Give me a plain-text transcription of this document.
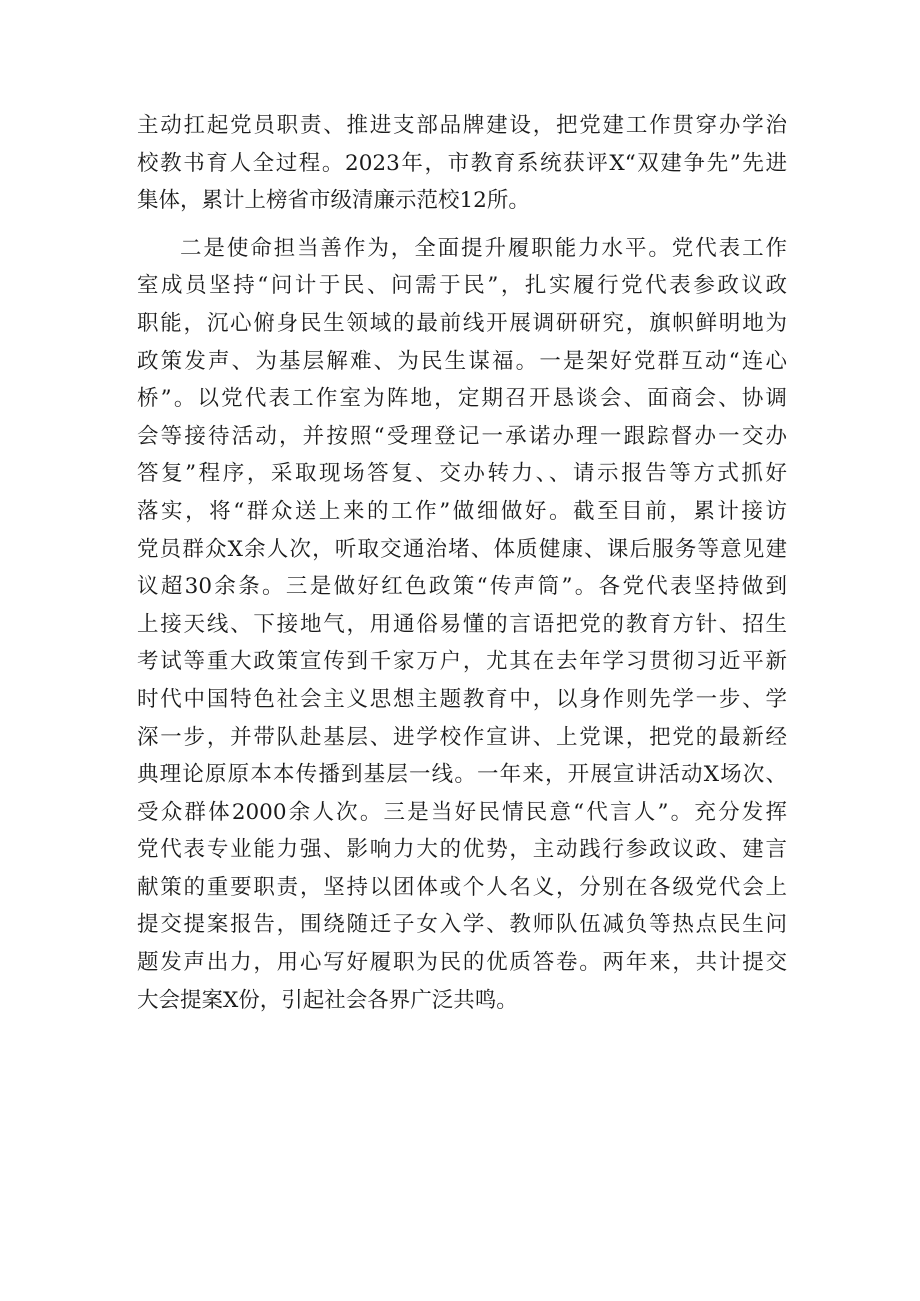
主动扛起党员职责、推进支部品牌建设，把党建工作贯穿办学治
校教书育人全过程。2023年，市教育系统获评X“双建争先”先进
集体，累计上榜省市级清廉示范校12所。
二是使命担当善作为，全面提升履职能力水平。党代表工作
室成员坚持“问计于民、问需于民”，扎实履行党代表参政议政
职能，沉心俯身民生领域的最前线开展调研研究，旗帜鲜明地为
政策发声、为基层解难、为民生谋福。一是架好党群互动“连心
桥”。以党代表工作室为阵地，定期召开恳谈会、面商会、协调
会等接待活动，并按照“受理登记一承诺办理一跟踪督办一交办
答复”程序，采取现场答复、交办转力、、请示报告等方式抓好
落实，将“群众送上来的工作”做细做好。截至目前，累计接访
党员群众X余人次，听取交通治堵、体质健康、课后服务等意见建
议超30余条。三是做好红色政策“传声筒”。各党代表坚持做到
上接天线、下接地气，用通俗易懂的言语把党的教育方针、招生
考试等重大政策宣传到千家万户，尤其在去年学习贯彻习近平新
时代中国特色社会主义思想主题教育中，以身作则先学一步、学
深一步，并带队赴基层、进学校作宣讲、上党课，把党的最新经
典理论原原本本传播到基层一线。一年来，开展宣讲活动X场次、
受众群体2000余人次。三是当好民情民意“代言人”。充分发挥
党代表专业能力强、影响力大的优势，主动践行参政议政、建言
献策的重要职责，坚持以团体或个人名义，分别在各级党代会上
提交提案报告，围绕随迁子女入学、教师队伍减负等热点民生问
题发声出力，用心写好履职为民的优质答卷。两年来，共计提交
大会提案X份，引起社会各界广泛共鸣。
